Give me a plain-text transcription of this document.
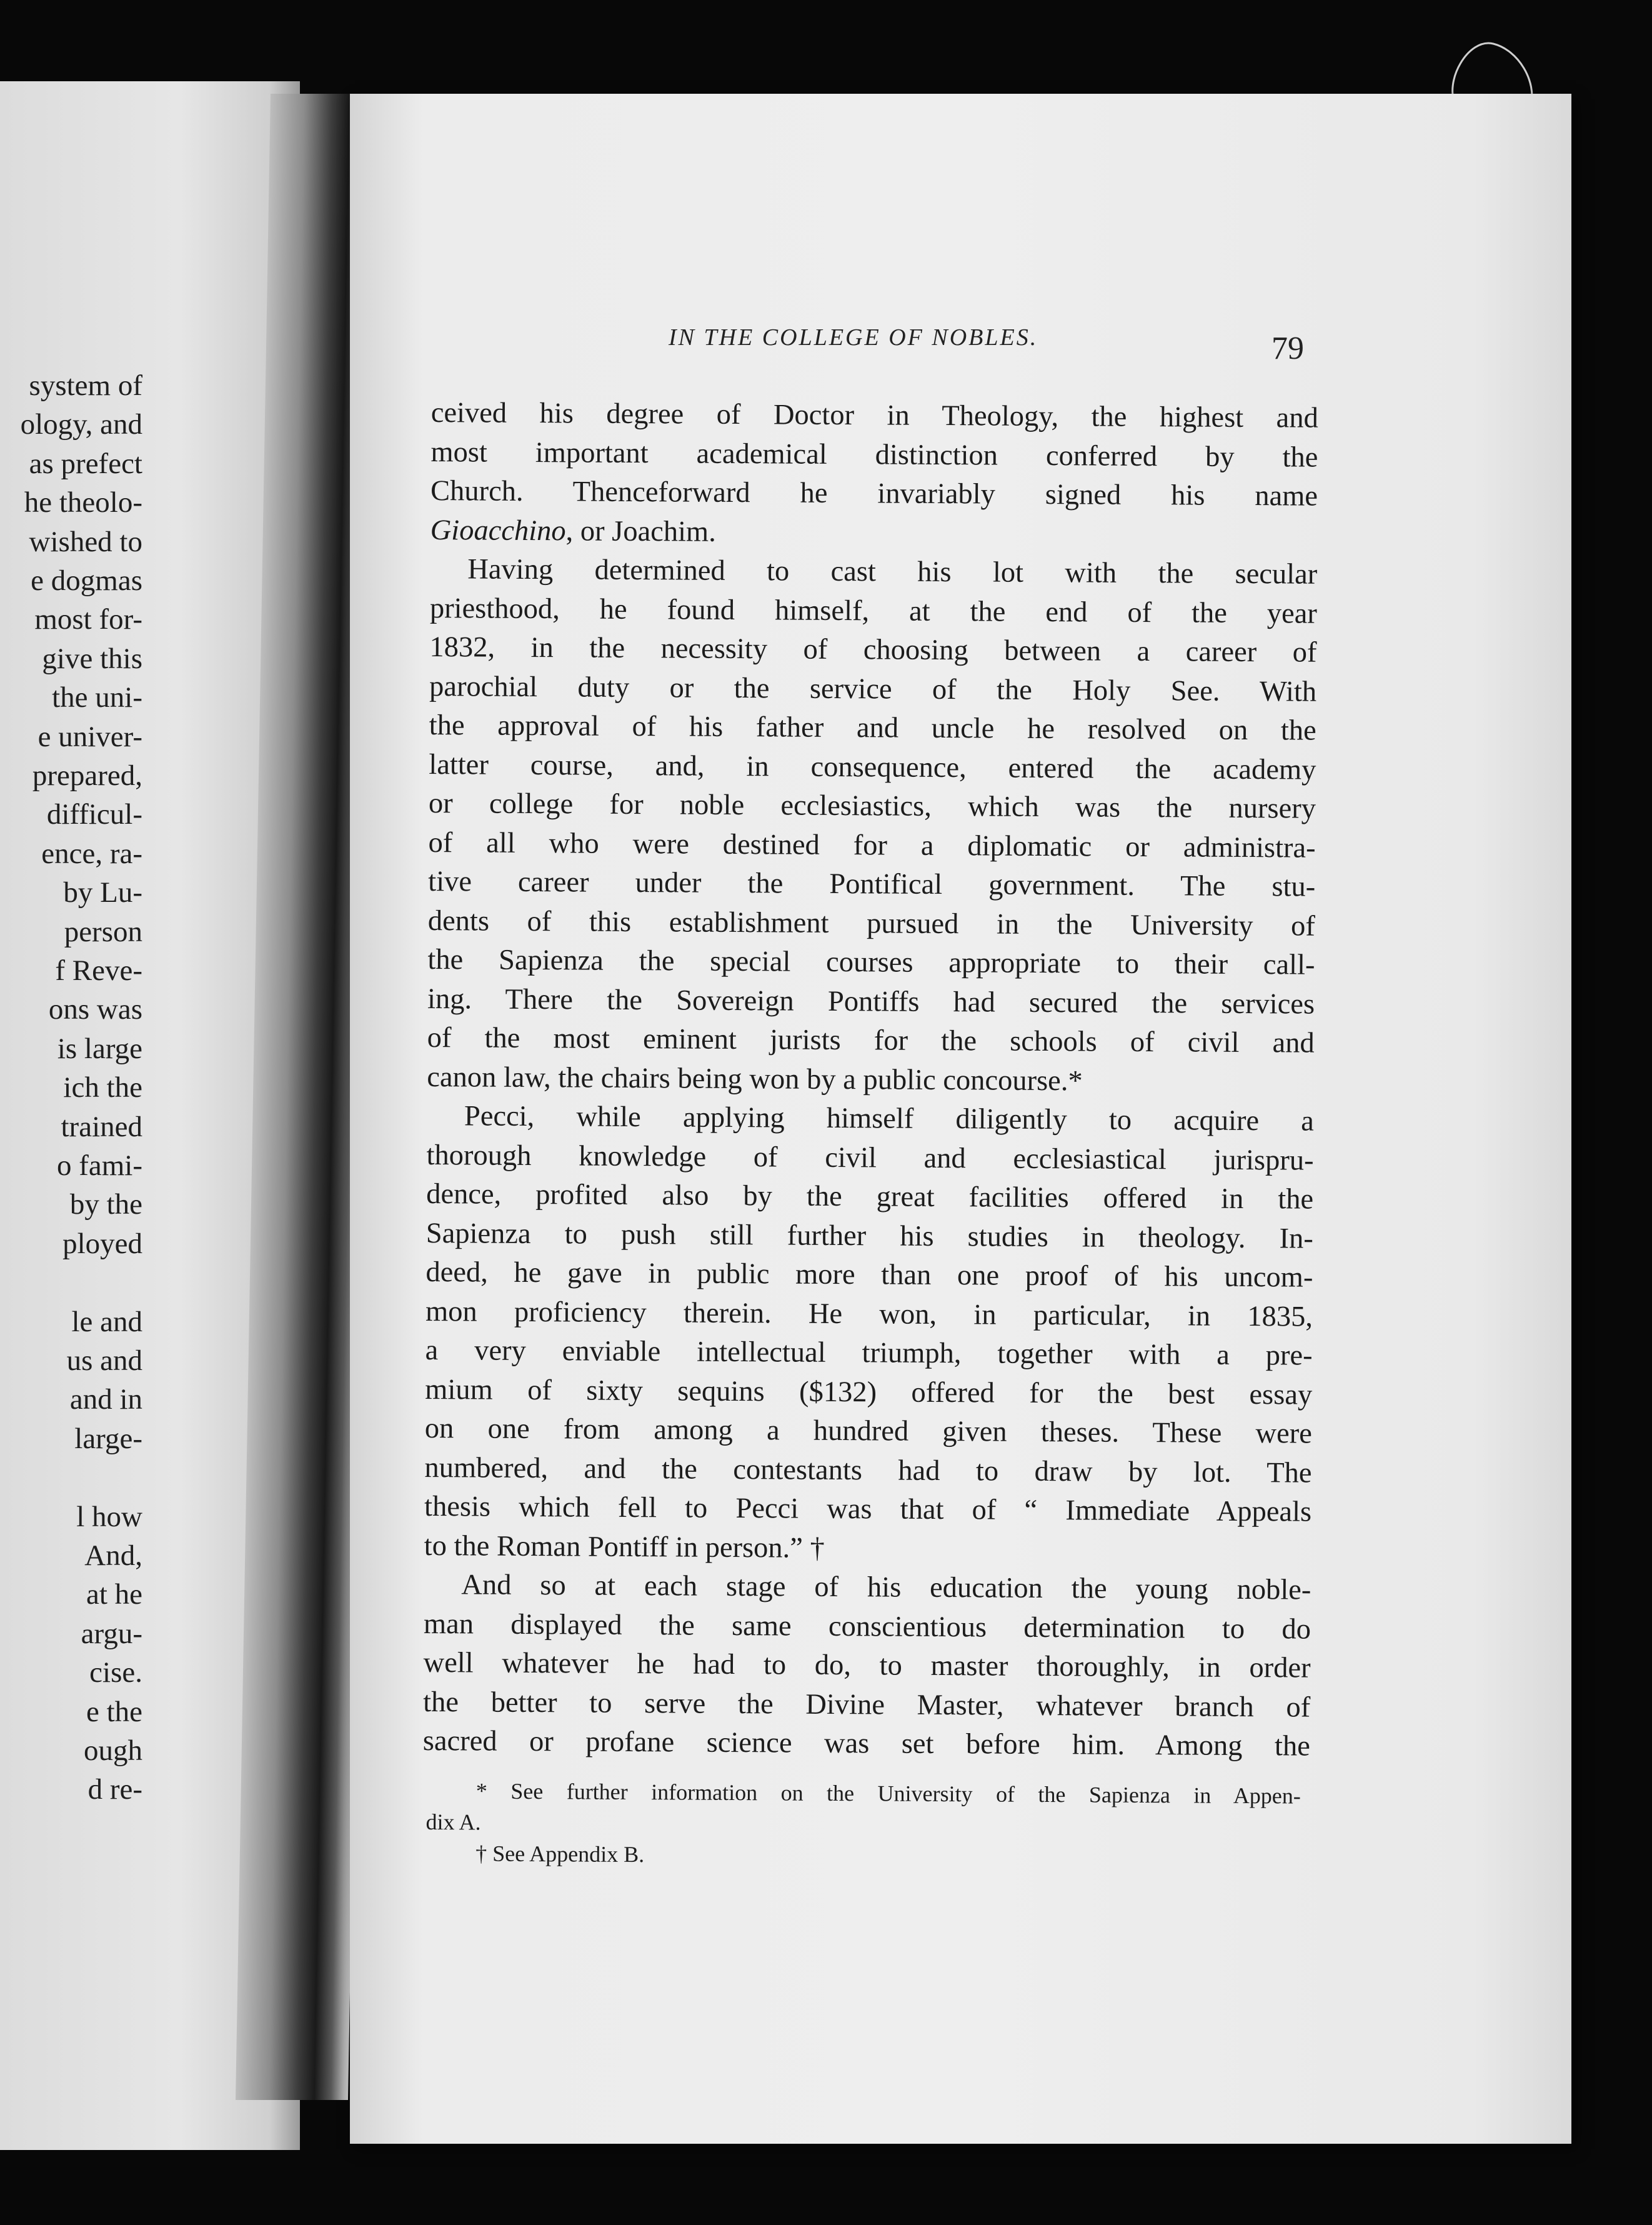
system of
ology, and
as prefect
he theolo-
wished to
e dogmas
most for-
give this
the uni-
e univer-
prepared,
difficul-
ence, ra-
by Lu-
person
f Reve-
ons was
is large
ich the
trained
o fami-
by the
ployed
le and
us and
and in
large-
l how
And,
at he
argu-
cise.
e the
ough
d re-
IN THE COLLEGE OF NOBLES.	79
ceived his degree of Doctor in Theology, the highest and
most important academical distinction conferred by the
Church. Thenceforward he invariably signed his name
Gioacchino, or Joachim.
Having determined to cast his lot with the secular
priesthood, he found himself, at the end of the year
1832, in the necessity of choosing between a career of
parochial duty or the service of the Holy See. With
the approval of his father and uncle he resolved on the
latter course, and, in consequence, entered the academy
or college for noble ecclesiastics, which was the nursery
of all who were destined for a diplomatic or administra-
tive career under the Pontifical government. The stu-
dents of this establishment pursued in the University of
the Sapienza the special courses appropriate to their call-
ing. There the Sovereign Pontiffs had secured the services
of the most eminent jurists for the schools of civil and
canon law, the chairs being won by a public concourse.*
Pecci, while applying himself diligently to acquire a
thorough knowledge of civil and ecclesiastical jurispru-
dence, profited also by the great facilities offered in the
Sapienza to push still further his studies in theology. In-
deed, he gave in public more than one proof of his uncom-
mon proficiency therein. He won, in particular, in 1835,
a very enviable intellectual triumph, together with a pre-
mium of sixty sequins ($132) offered for the best essay
on one from among a hundred given theses. These were
numbered, and the contestants had to draw by lot. The
thesis which fell to Pecci was that of “ Immediate Appeals
to the Roman Pontiff in person.” †
And so at each stage of his education the young noble-
man displayed the same conscientious determination to do
well whatever he had to do, to master thoroughly, in order
the better to serve the Divine Master, whatever branch of
sacred or profane science was set before him. Among the
* See further information on the University of the Sapienza in Appen-
dix A.
† See Appendix B.
